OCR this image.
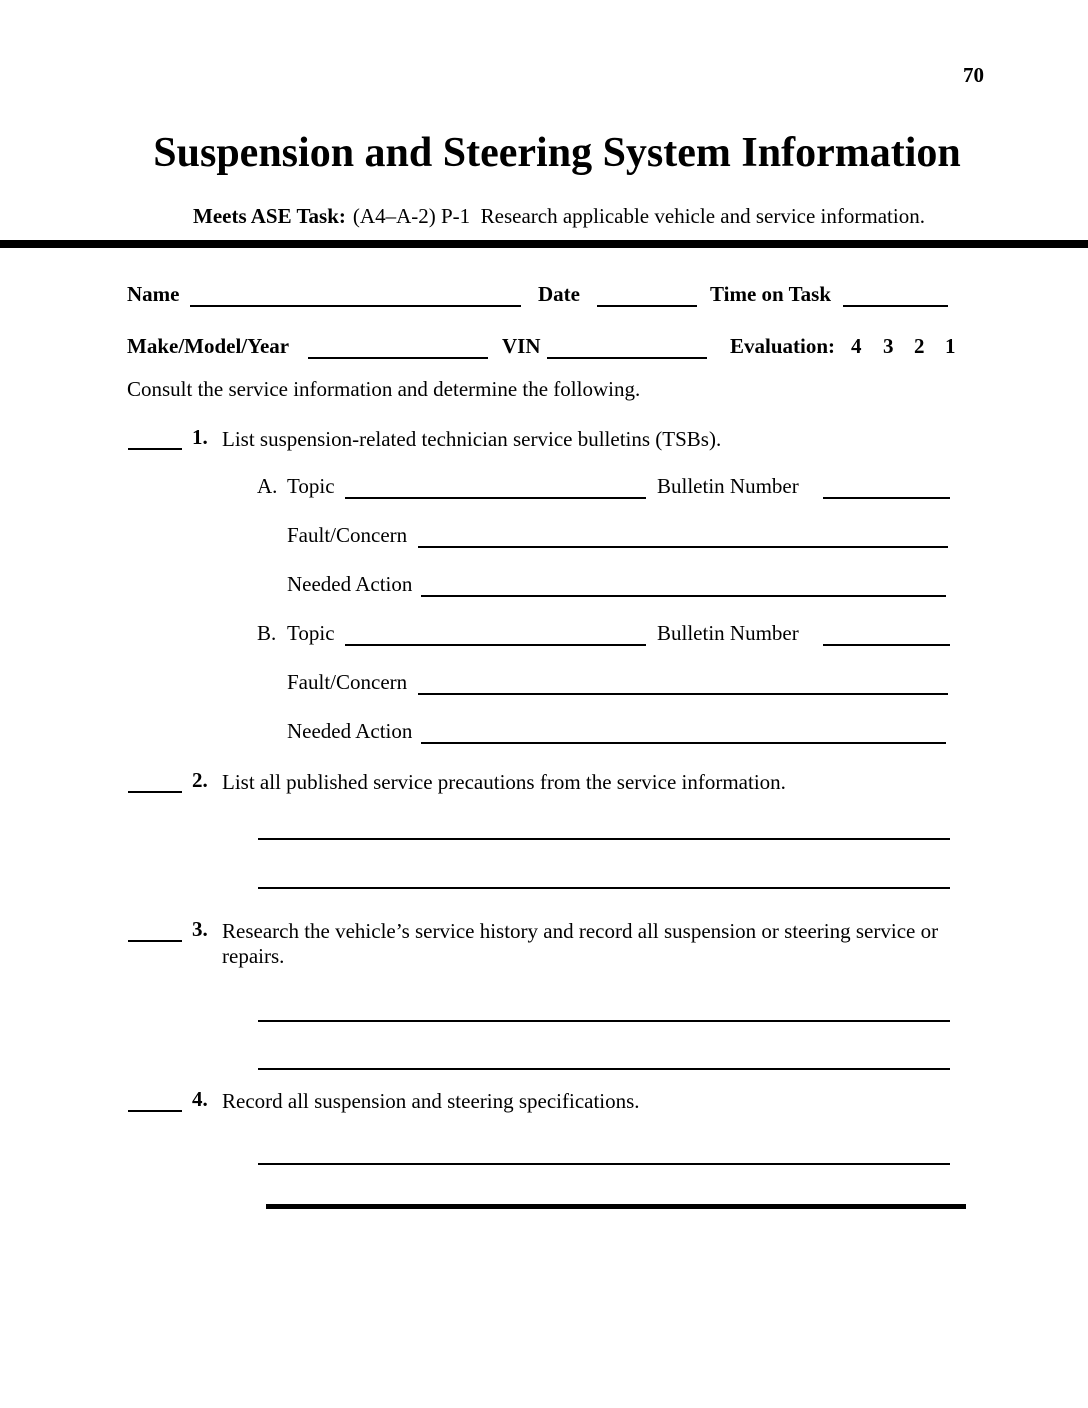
70
Suspension and Steering System Information
Meets ASE Task: (A4–A-2) P-1  Research applicable vehicle and service information.
Name	Date	Time on Task
Make/Model/Year	VIN	Evaluation: 4 3 2 1
Consult the service information and determine the following.
1. List suspension-related technician service bulletins (TSBs).
A. Topic	Bulletin Number
Fault/Concern
Needed Action
B. Topic	Bulletin Number
Fault/Concern
Needed Action
2. List all published service precautions from the service information.
3. Research the vehicle’s service history and record all suspension or steering service or repairs.
4. Record all suspension and steering specifications.
